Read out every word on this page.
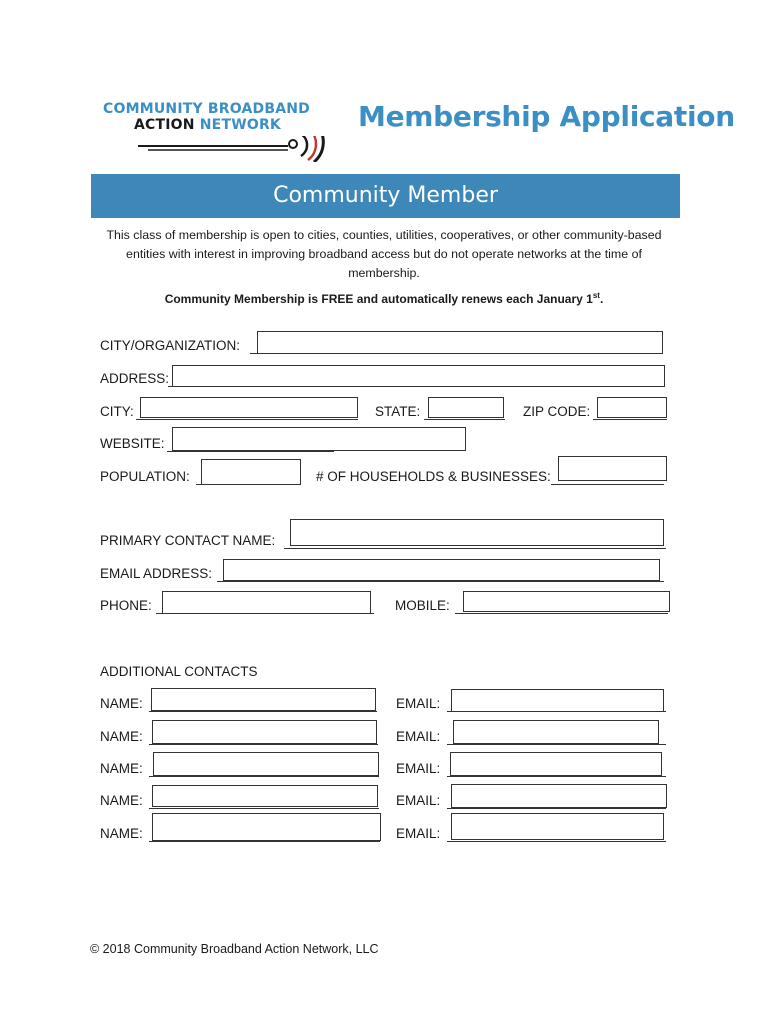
COMMUNITY BROADBAND
ACTION NETWORK	Membership Application
Community Member
This class of membership is open to cities, counties, utilities, cooperatives, or other community-based entities with interest in improving broadband access but do not operate networks at the time of membership.
Community Membership is FREE and automatically renews each January 1st.
CITY/ORGANIZATION:
ADDRESS:
CITY:	STATE:	ZIP CODE:
WEBSITE:
POPULATION:	# OF HOUSEHOLDS & BUSINESSES:
PRIMARY CONTACT NAME:
EMAIL ADDRESS:
PHONE:	MOBILE:
ADDITIONAL CONTACTS
NAME:	EMAIL:
NAME:	EMAIL:
NAME:	EMAIL:
NAME:	EMAIL:
NAME:	EMAIL:
© 2018 Community Broadband Action Network, LLC
